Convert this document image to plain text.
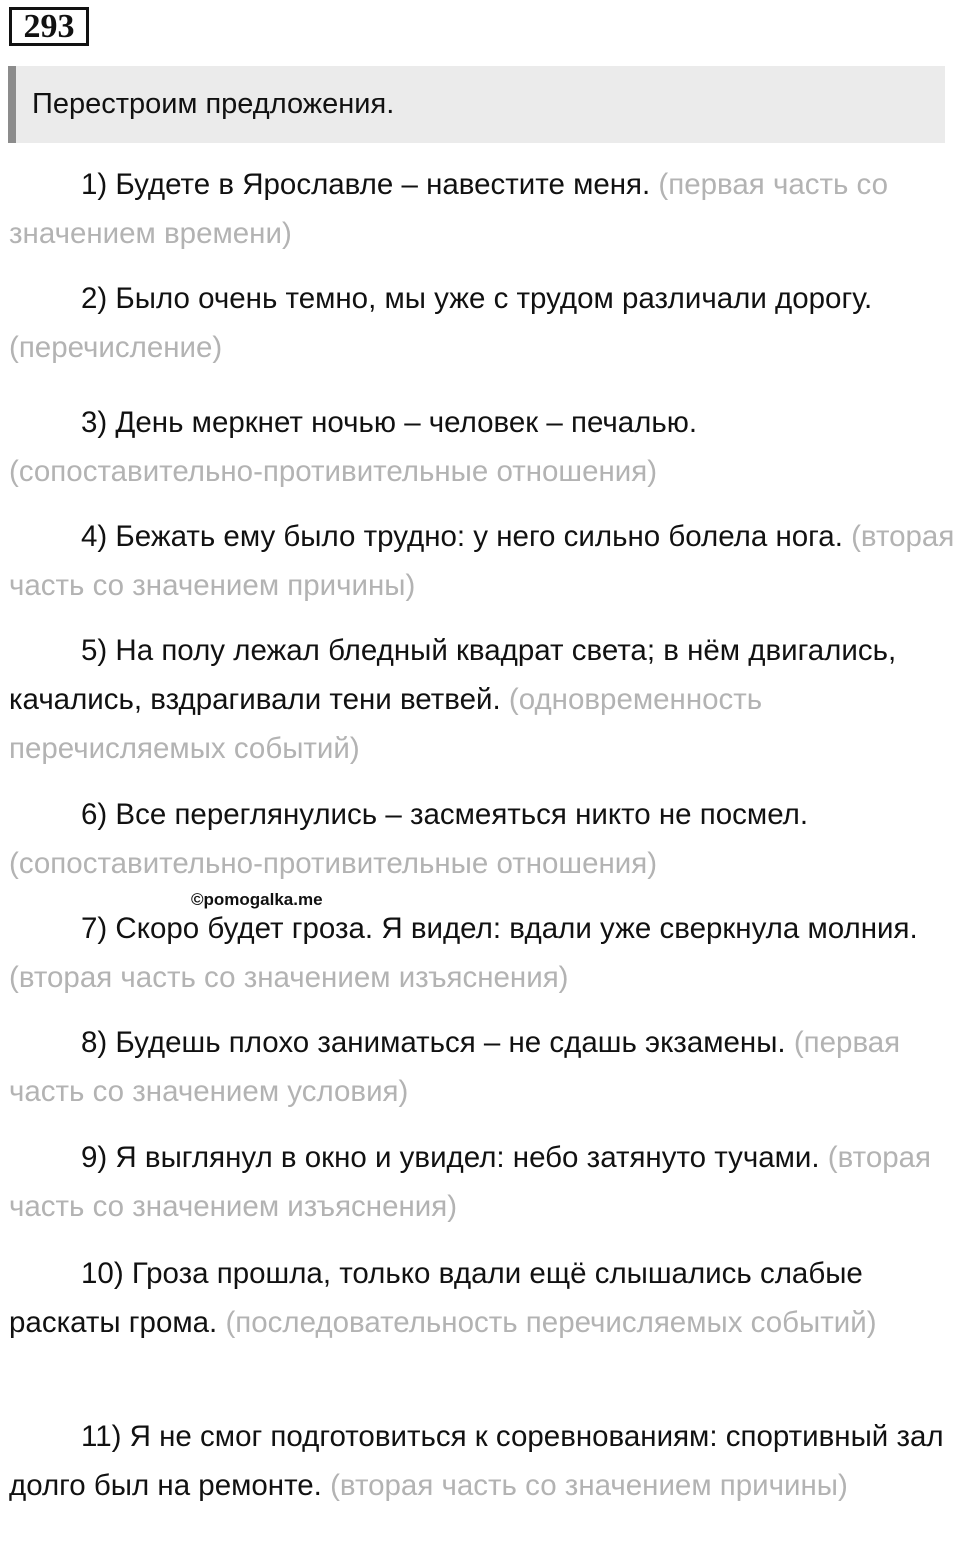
293
Перестроим предложения.
1) Будете в Ярославле – навестите меня. (первая часть со значением времени)
2) Было очень темно, мы уже с трудом различали дорогу. (перечисление)
3) День меркнет ночью – человек – печалью. (сопоставительно-противительные отношения)
4) Бежать ему было трудно: у него сильно болела нога. (вторая часть со значением причины)
5) На полу лежал бледный квадрат света; в нём двигались, качались, вздрагивали тени ветвей. (одновременность перечисляемых событий)
6) Все переглянулись – засмеяться никто не посмел. (сопоставительно-противительные отношения)
7) Скоро будет гроза. Я видел: вдали уже сверкнула молния. (вторая часть со значением изъяснения)
8) Будешь плохо заниматься – не сдашь экзамены. (первая часть со значением условия)
9) Я выглянул в окно и увидел: небо затянуто тучами. (вторая часть со значением изъяснения)
10) Гроза прошла, только вдали ещё слышались слабые раскаты грома. (последовательность перечисляемых событий)
11) Я не смог подготовиться к соревнованиям: спортивный зал долго был на ремонте. (вторая часть со значением причины)
©pomogalka.me
